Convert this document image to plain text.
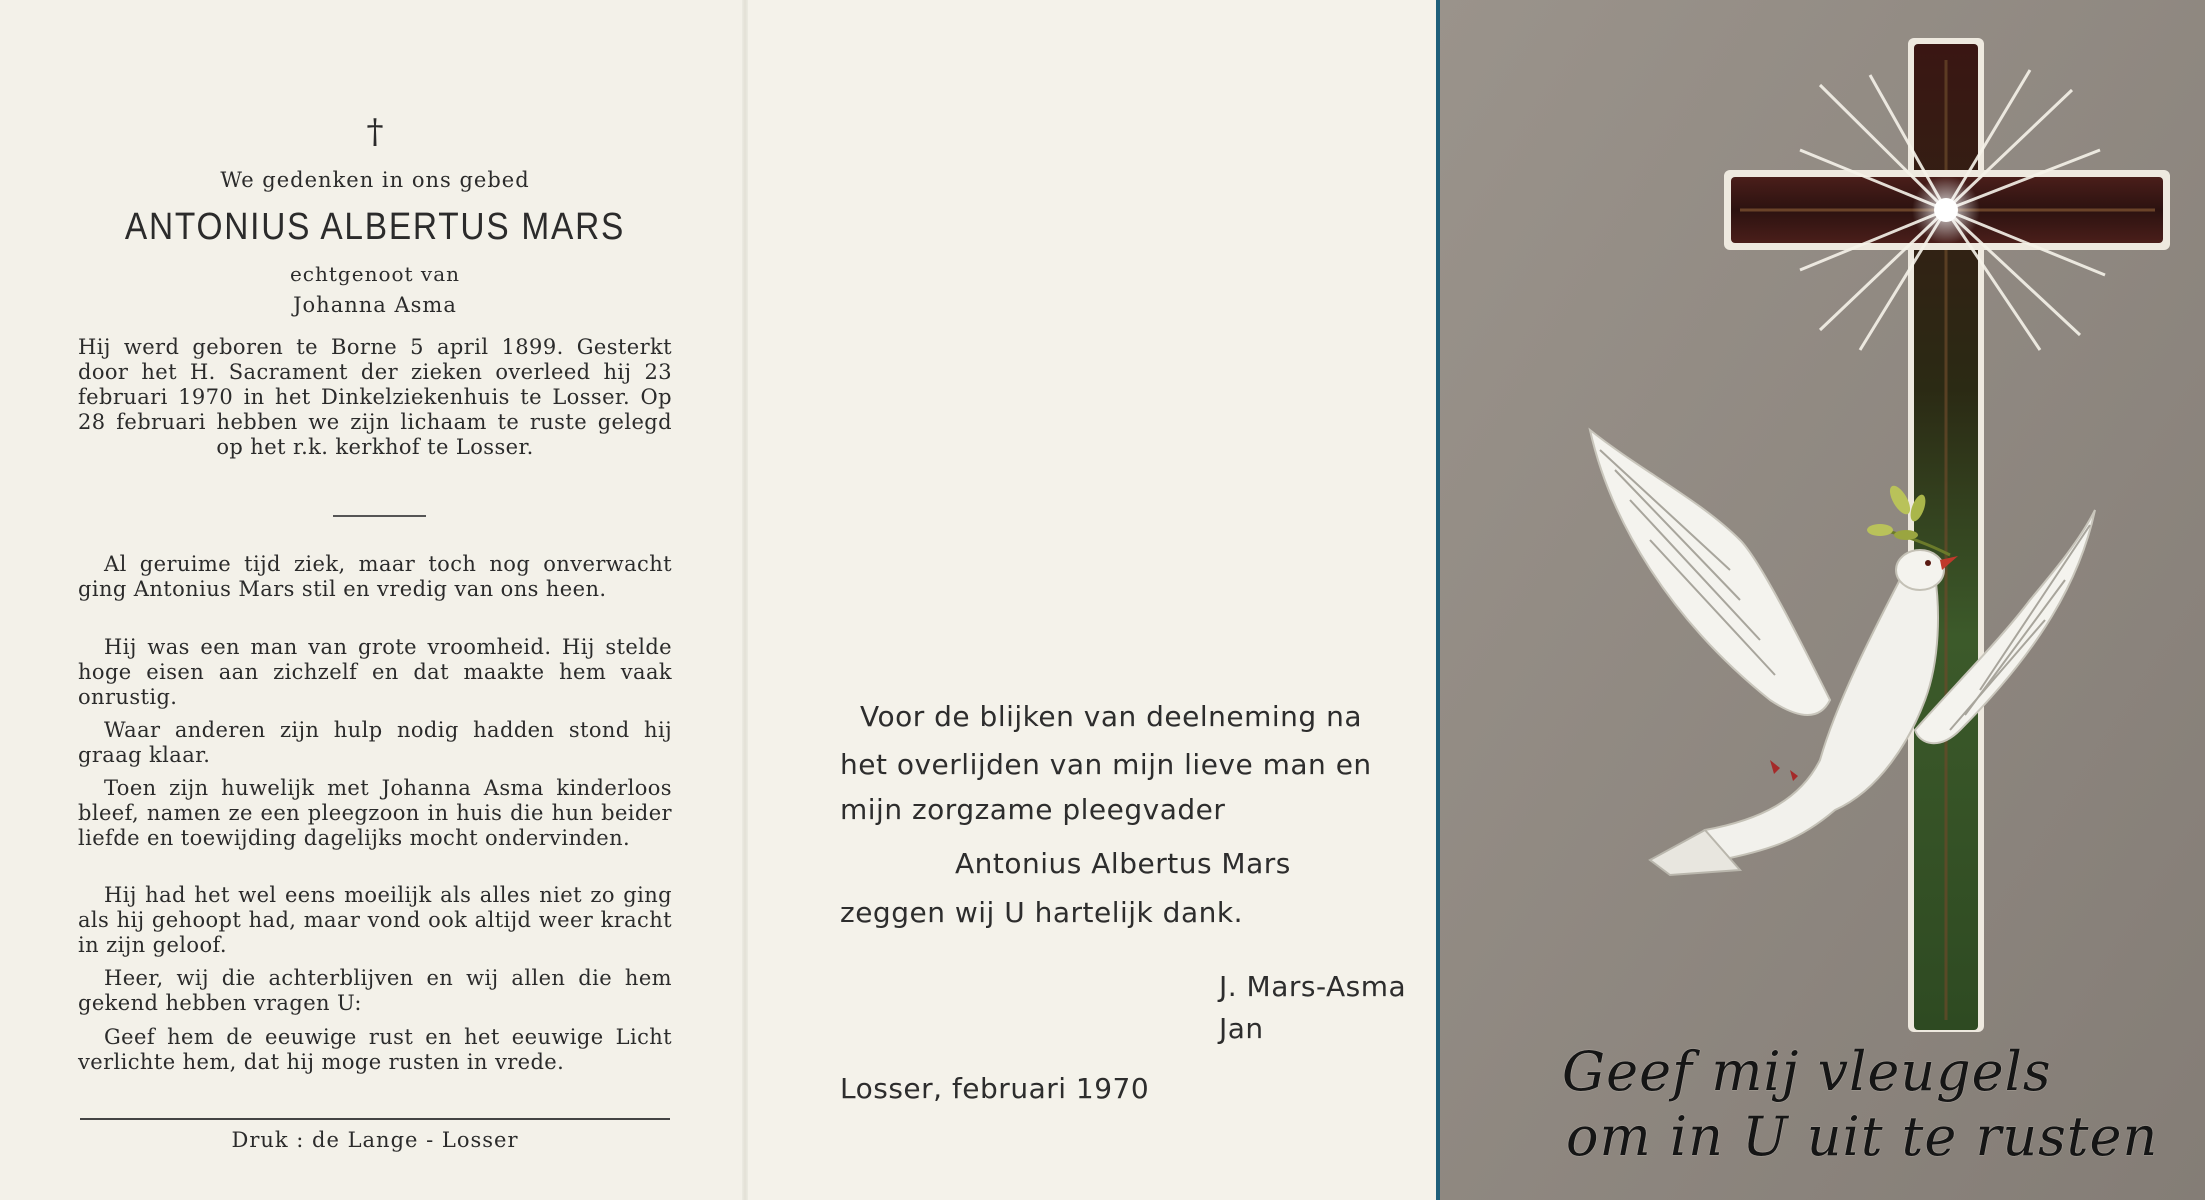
Geef mij vleugels
om in U uit te rusten
†
We gedenken in ons gebed
ANTONIUS ALBERTUS MARS
echtgenoot van
Johanna Asma
Hij werd geboren te Borne 5 april 1899. Gesterkt door het H. Sacrament der zieken overleed hij 23 februari 1970 in het Dinkelziekenhuis te Losser. Op 28 februari hebben we zijn lichaam te ruste gelegd op het r.k. kerkhof te Losser.
Al geruime tijd ziek, maar toch nog onverwacht ging Antonius Mars stil en vredig van ons heen.
Hij was een man van grote vroomheid. Hij stelde hoge eisen aan zichzelf en dat maakte hem vaak onrustig.
Waar anderen zijn hulp nodig hadden stond hij graag klaar.
Toen zijn huwelijk met Johanna Asma kinderloos bleef, namen ze een pleegzoon in huis die hun beider liefde en toewijding dagelijks mocht ondervinden.
Hij had het wel eens moeilijk als alles niet zo ging als hij gehoopt had, maar vond ook altijd weer kracht in zijn geloof.
Heer, wij die achterblijven en wij allen die hem gekend hebben vragen U:
Geef hem de eeuwige rust en het eeuwige Licht verlichte hem, dat hij moge rusten in vrede.
Druk : de Lange - Losser
Voor de blijken van deelneming na
het overlijden van mijn lieve man en
mijn zorgzame pleegvader
Antonius Albertus Mars
zeggen wij U hartelijk dank.
J. Mars-Asma
Jan
Losser, februari 1970
